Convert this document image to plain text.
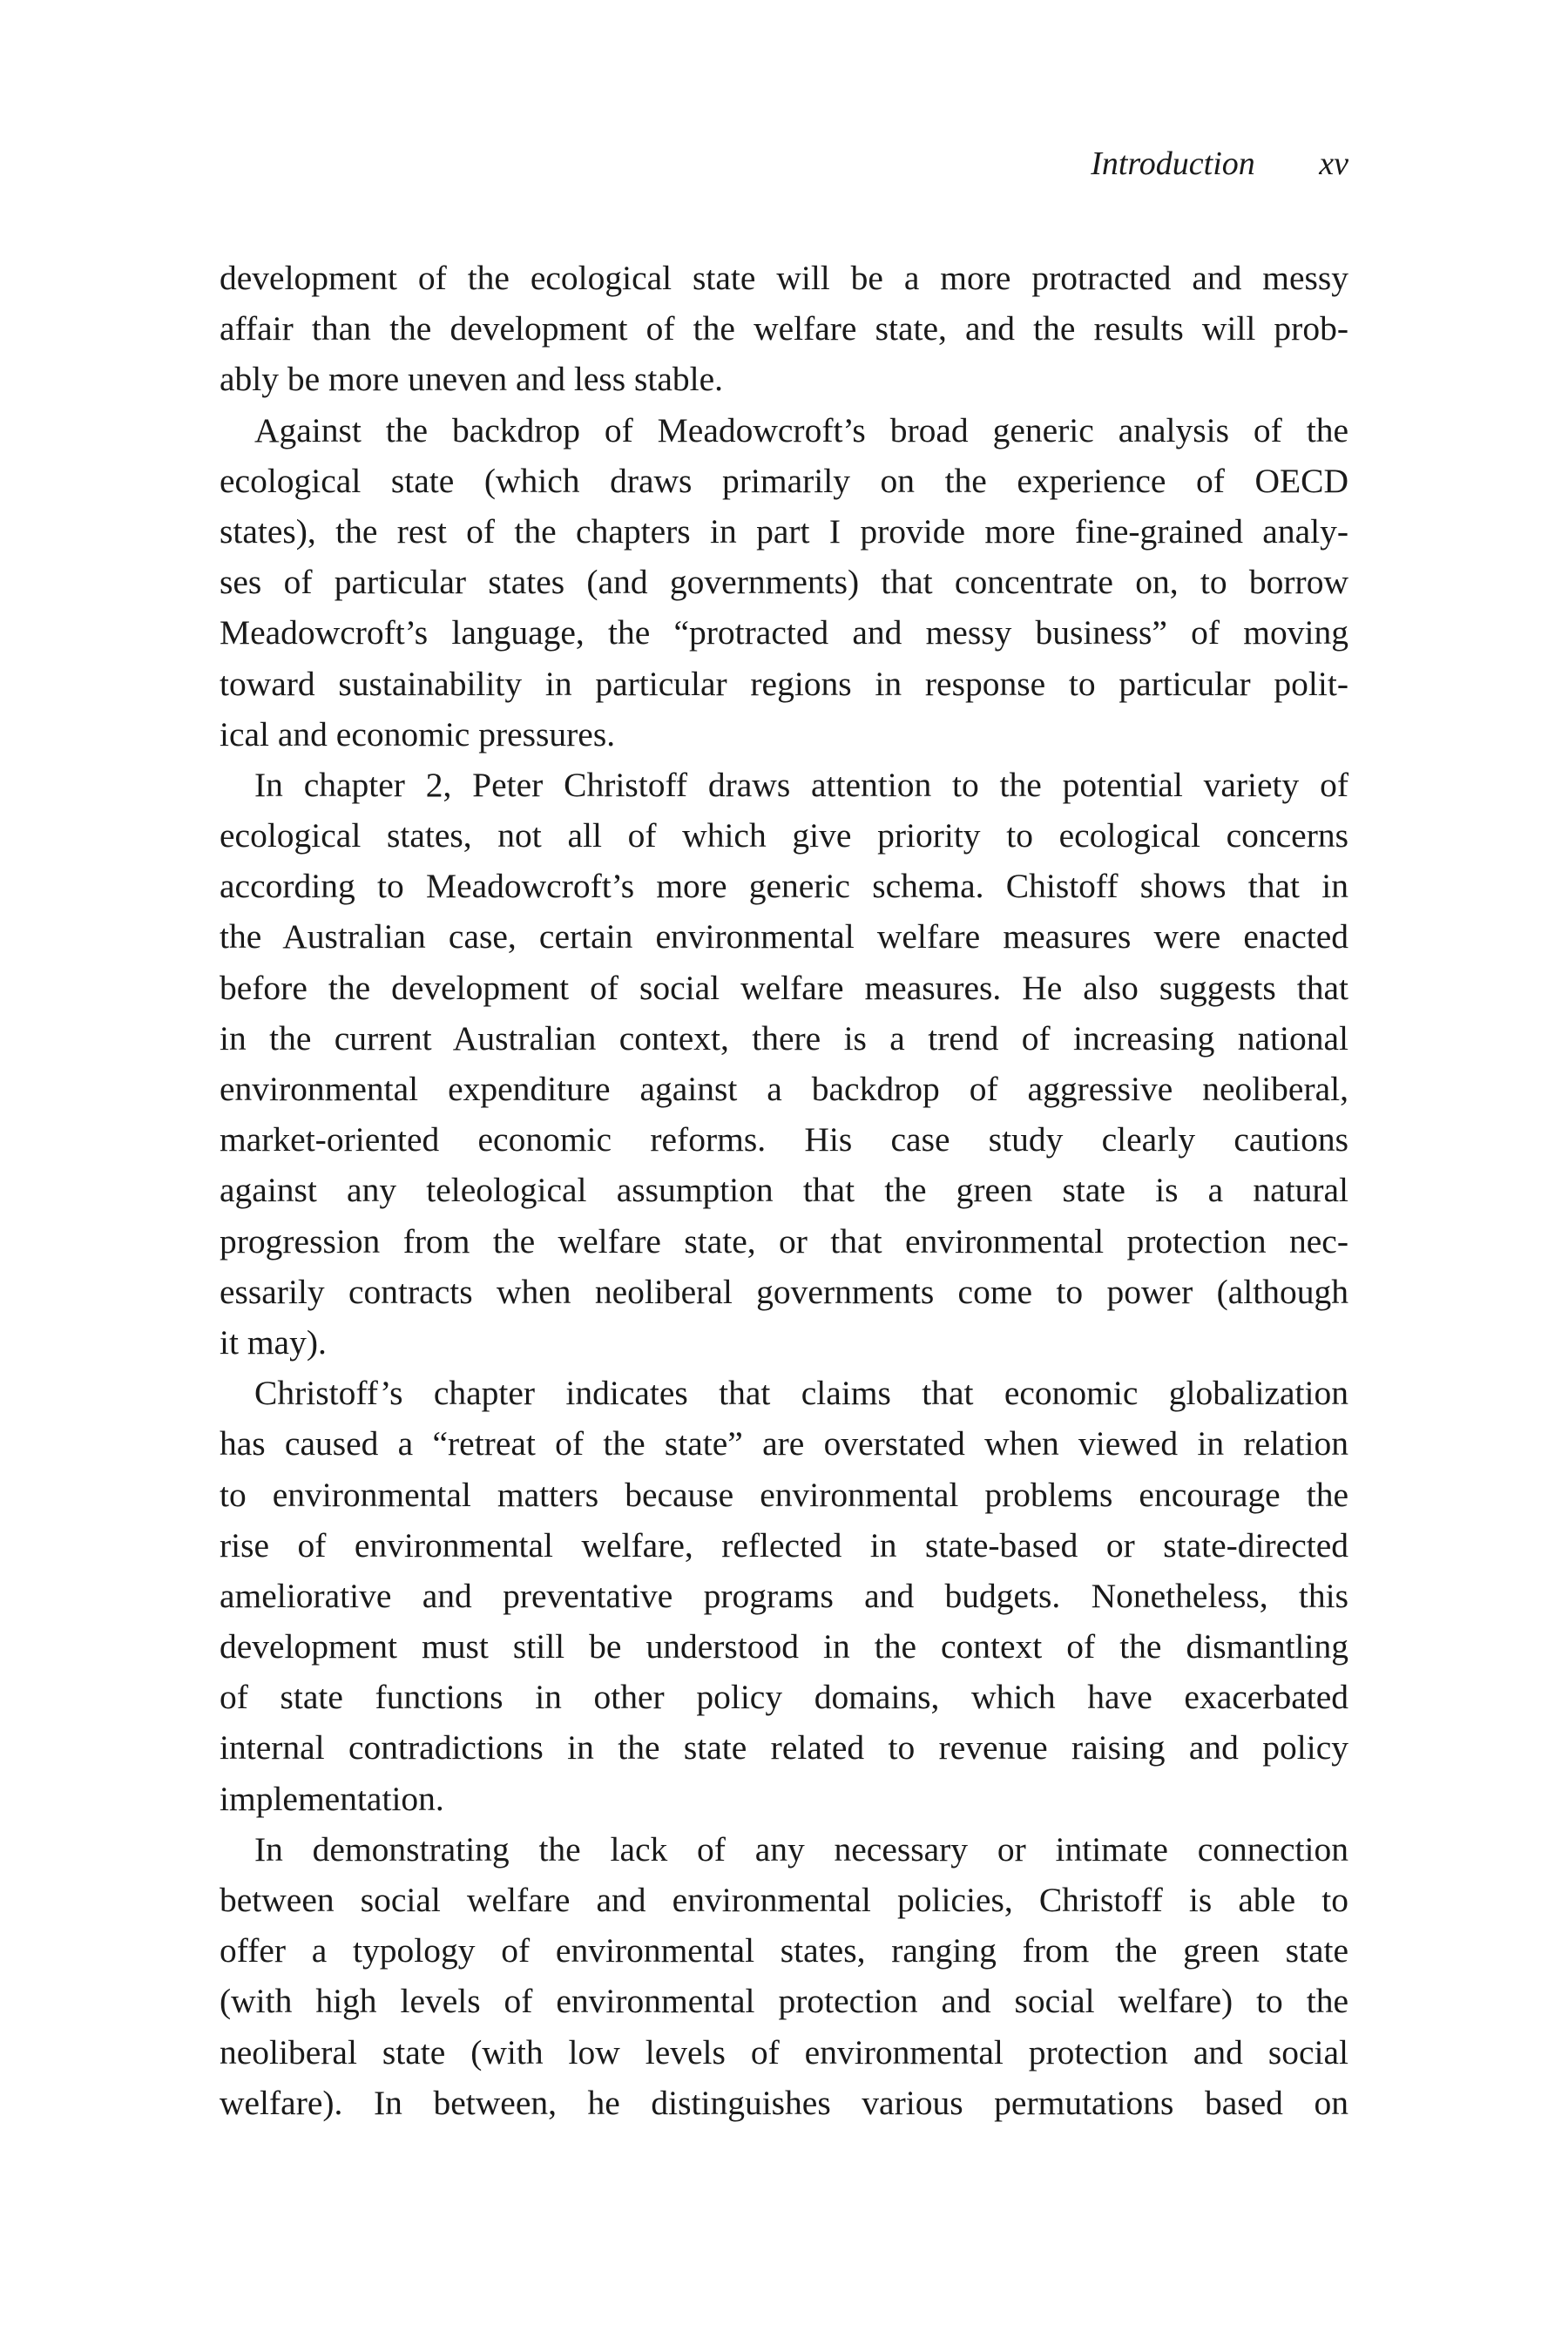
Introduction xv
development of the ecological state will be a more protracted and messy
affair than the development of the welfare state, and the results will prob-
ably be more uneven and less stable.
Against the backdrop of Meadowcroft’s broad generic analysis of the
ecological state (which draws primarily on the experience of OECD
states), the rest of the chapters in part I provide more fine-grained analy-
ses of particular states (and governments) that concentrate on, to borrow
Meadowcroft’s language, the “protracted and messy business” of moving
toward sustainability in particular regions in response to particular polit-
ical and economic pressures.
In chapter 2, Peter Christoff draws attention to the potential variety of
ecological states, not all of which give priority to ecological concerns
according to Meadowcroft’s more generic schema. Chistoff shows that in
the Australian case, certain environmental welfare measures were enacted
before the development of social welfare measures. He also suggests that
in the current Australian context, there is a trend of increasing national
environmental expenditure against a backdrop of aggressive neoliberal,
market-oriented economic reforms. His case study clearly cautions
against any teleological assumption that the green state is a natural
progression from the welfare state, or that environmental protection nec-
essarily contracts when neoliberal governments come to power (although
it may).
Christoff’s chapter indicates that claims that economic globalization
has caused a “retreat of the state” are overstated when viewed in relation
to environmental matters because environmental problems encourage the
rise of environmental welfare, reflected in state-based or state-directed
ameliorative and preventative programs and budgets. Nonetheless, this
development must still be understood in the context of the dismantling
of state functions in other policy domains, which have exacerbated
internal contradictions in the state related to revenue raising and policy
implementation.
In demonstrating the lack of any necessary or intimate connection
between social welfare and environmental policies, Christoff is able to
offer a typology of environmental states, ranging from the green state
(with high levels of environmental protection and social welfare) to the
neoliberal state (with low levels of environmental protection and social
welfare). In between, he distinguishes various permutations based on
